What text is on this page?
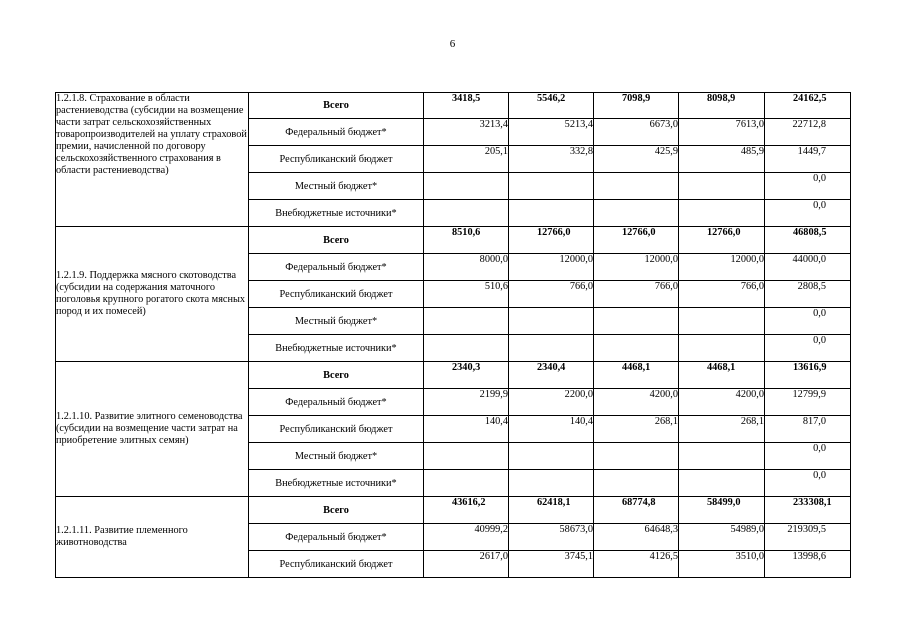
6
1.2.1.8. Страхование в области растениеводства (субсидии на возмещение части затрат сельскохозяйственных товаропроизводителей на уплату страховой премии, начисленной по договору сельскохозяйственного страхования в области растениеводства)	Всего	3418,5	5546,2	7098,9	8098,9	24162,5
	Федеральный бюджет*	3213,4	5213,4	6673,0	7613,0	22712,8
	Республиканский бюджет	205,1	332,8	425,9	485,9	1449,7
	Местный бюджет*					0,0
	Внебюджетные источники*					0,0
1.2.1.9. Поддержка мясного скотоводства (субсидии на содержания маточного поголовья крупного рогатого скота мясных пород и их помесей)	Всего	8510,6	12766,0	12766,0	12766,0	46808,5
	Федеральный бюджет*	8000,0	12000,0	12000,0	12000,0	44000,0
	Республиканский бюджет	510,6	766,0	766,0	766,0	2808,5
	Местный бюджет*					0,0
	Внебюджетные источники*					0,0
1.2.1.10. Развитие элитного семеноводства (субсидии на возмещение части затрат на приобретение элитных семян)	Всего	2340,3	2340,4	4468,1	4468,1	13616,9
	Федеральный бюджет*	2199,9	2200,0	4200,0	4200,0	12799,9
	Республиканский бюджет	140,4	140,4	268,1	268,1	817,0
	Местный бюджет*					0,0
	Внебюджетные источники*					0,0
1.2.1.11. Развитие племенного животноводства	Всего	43616,2	62418,1	68774,8	58499,0	233308,1
	Федеральный бюджет*	40999,2	58673,0	64648,3	54989,0	219309,5
	Республиканский бюджет	2617,0	3745,1	4126,5	3510,0	13998,6
